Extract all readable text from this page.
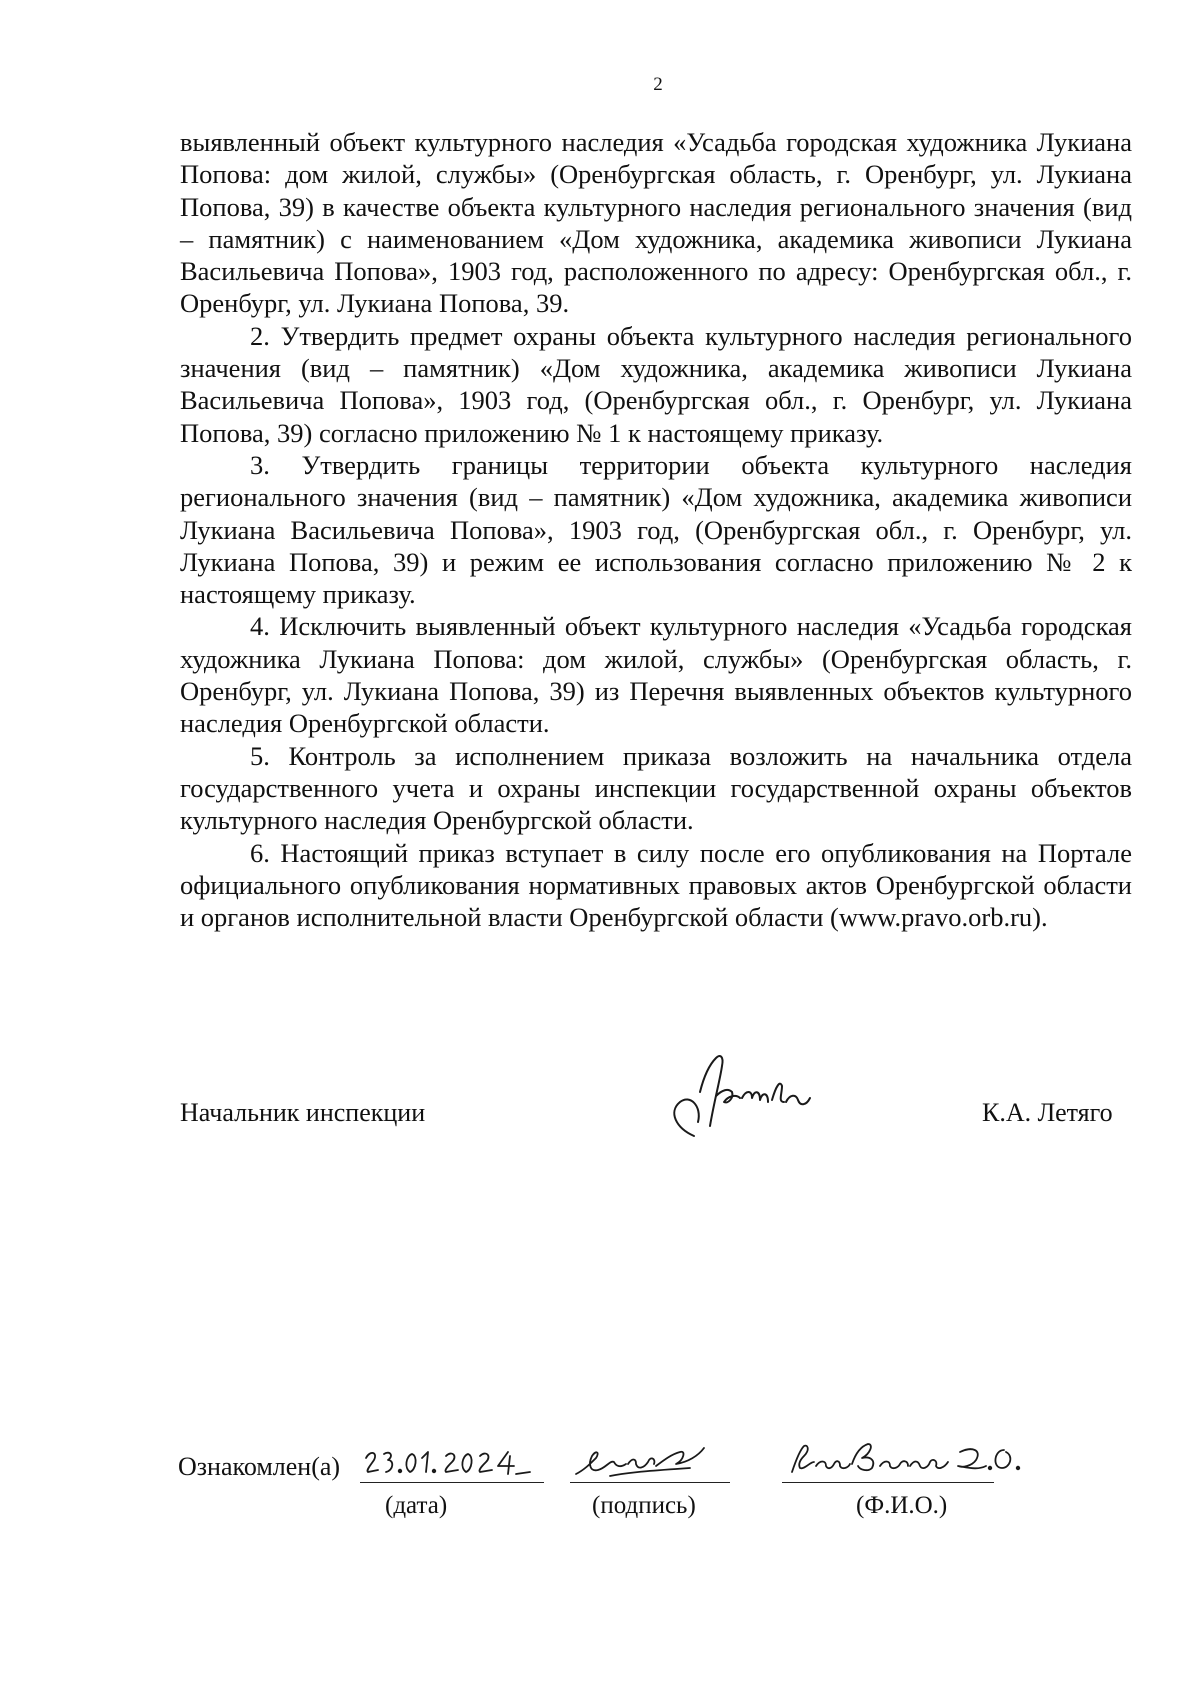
2

выявленный объект культурного наследия «Усадьба городская художника Лукиана Попова: дом жилой, службы» (Оренбургская область, г. Оренбург, ул. Лукиана Попова, 39) в качестве объекта культурного наследия регионального значения (вид – памятник) с наименованием «Дом художника, академика живописи Лукиана Васильевича Попова», 1903 год, расположенного по адресу: Оренбургская обл., г. Оренбург, ул. Лукиана Попова, 39.

2. Утвердить предмет охраны объекта культурного наследия регионального значения (вид – памятник) «Дом художника, академика живописи Лукиана Васильевича Попова», 1903 год, (Оренбургская обл., г. Оренбург, ул. Лукиана Попова, 39) согласно приложению № 1 к настоящему приказу.

3. Утвердить границы территории объекта культурного наследия регионального значения (вид – памятник) «Дом художника, академика живописи Лукиана Васильевича Попова», 1903 год, (Оренбургская обл., г. Оренбург, ул. Лукиана Попова, 39) и режим ее использования согласно приложению № 2 к настоящему приказу.

4. Исключить выявленный объект культурного наследия «Усадьба городская художника Лукиана Попова: дом жилой, службы» (Оренбургская область, г. Оренбург, ул. Лукиана Попова, 39) из Перечня выявленных объектов культурного наследия Оренбургской области.

5. Контроль за исполнением приказа возложить на начальника отдела государственного учета и охраны инспекции государственной охраны объектов культурного наследия Оренбургской области.

6. Настоящий приказ вступает в силу после его опубликования на Портале официального опубликования нормативных правовых актов Оренбургской области и органов исполнительной власти Оренбургской области (www.pravo.orb.ru).

Начальник инспекции	К.А. Летяго
Ознакомлен(а)
(дата)	(подпись)	(Ф.И.О.)
